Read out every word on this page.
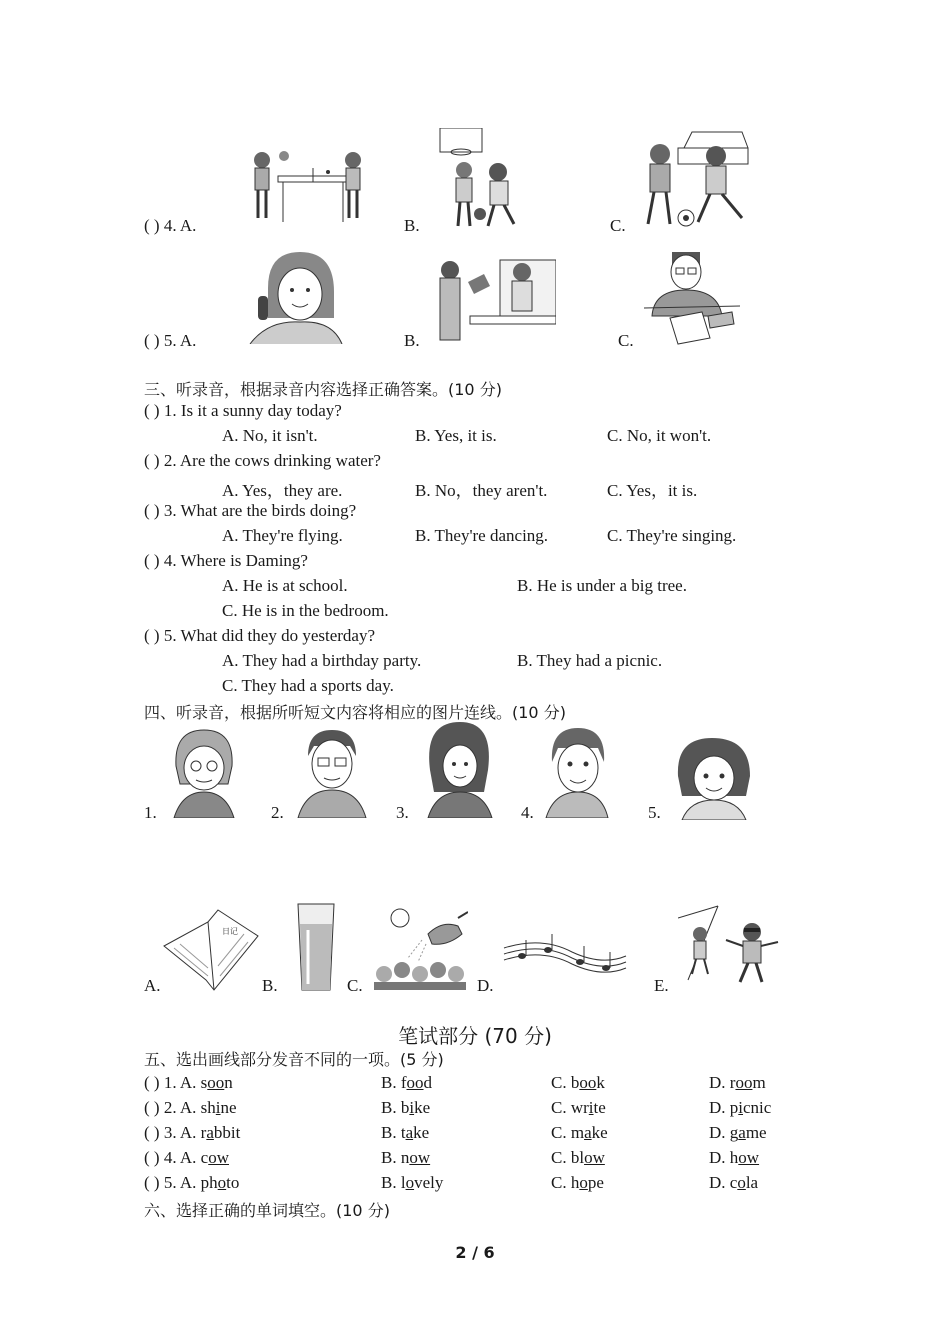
( ) 4. A.	B.	C.
( ) 5. A.	B.	C.
三、听录音，根据录音内容选择正确答案。(10 分)
( ) 1. Is it a sunny day today?
A. No, it isn't.	B. Yes, it is.	C. No, it won't.
( ) 2. Are the cows drinking water?
A. Yes，they are.	B. No，they aren't.	C. Yes，it is.
( ) 3. What are the birds doing?
A. They're flying.	B. They're dancing.	C. They're singing.
( ) 4. Where is Daming?
A. He is at school.	B. He is under a big tree.
C. He is in the bedroom.
( ) 5. What did they do yesterday?
A. They had a birthday party.	B. They had a picnic.
C. They had a sports day.
四、听录音，根据所听短文内容将相应的图片连线。(10 分)
1.	2.	3.	4.	5.
A.
日记
B.	C.	D.	E.
笔试部分 (70 分)
五、选出画线部分发音不同的一项。(5 分)
( ) 1. A. soon	B. food	C. book	D. room
( ) 2. A. shine	B. bike	C. write	D. picnic
( ) 3. A. rabbit	B. take	C. make	D. game
( ) 4. A. cow	B. now	C. blow	D. how
( ) 5. A. photo	B. lovely	C. hope	D. cola
六、选择正确的单词填空。(10 分)
2 / 6
